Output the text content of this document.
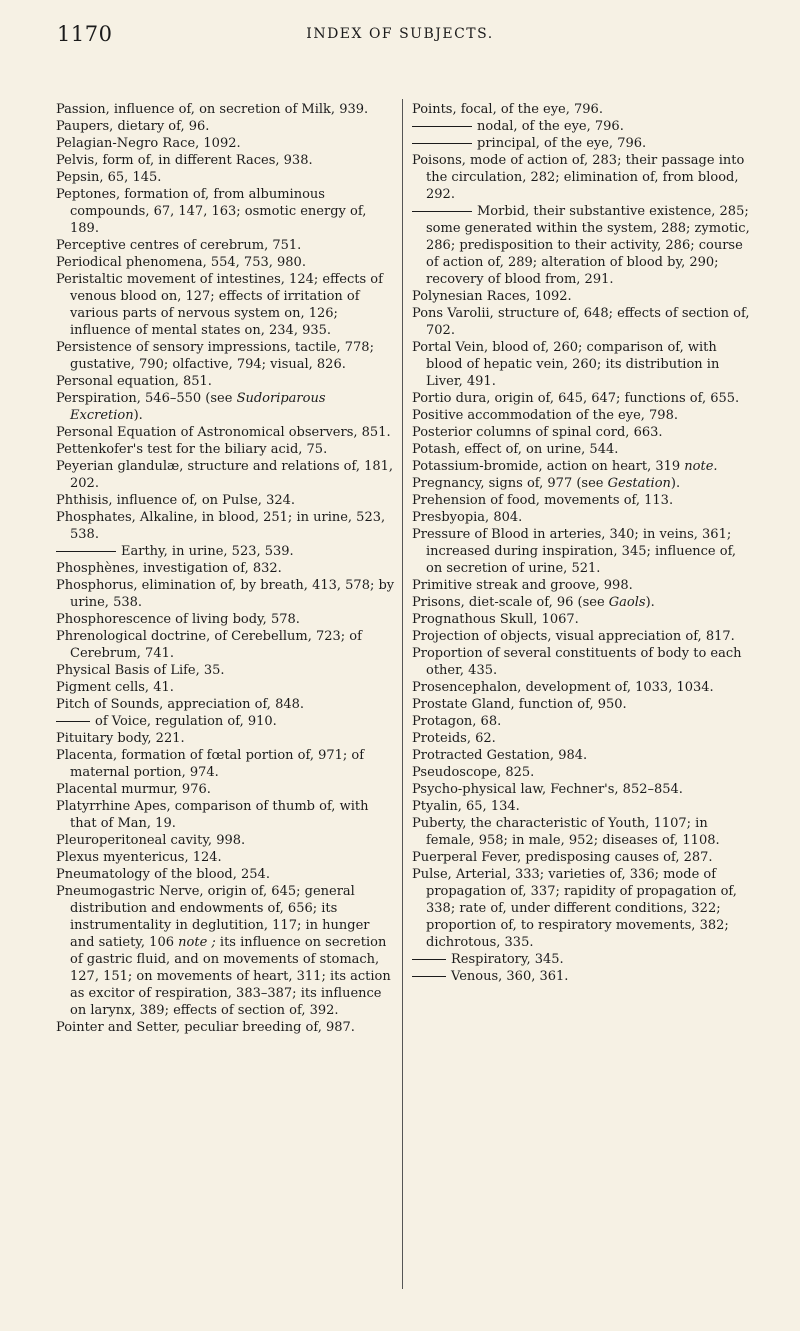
1170	INDEX OF SUBJECTS.

Passion, influence of, on secretion of Milk, 939.

Paupers, dietary of, 96.

Pelagian-Negro Race, 1092.

Pelvis, form of, in different Races, 938.

Pepsin, 65, 145.

Peptones, formation of, from albuminous compounds, 67, 147, 163; osmotic energy of, 189.

Perceptive centres of cerebrum, 751.

Periodical phenomena, 554, 753, 980.

Peristaltic movement of intestines, 124; effects of venous blood on, 127; effects of irritation of various parts of nervous system on, 126; influence of mental states on, 234, 935.

Persistence of sensory impressions, tactile, 778; gustative, 790; olfactive, 794; visual, 826.

Personal equation, 851.

Perspiration, 546–550 (see Sudoriparous Excretion).

Personal Equation of Astronomical observers, 851.

Pettenkofer's test for the biliary acid, 75.

Peyerian glandulæ, structure and relations of, 181, 202.

Phthisis, influence of, on Pulse, 324.

Phosphates, Alkaline, in blood, 251; in urine, 523, 538.

Earthy, in urine, 523, 539.

Phosphènes, investigation of, 832.

Phosphorus, elimination of, by breath, 413, 578; by urine, 538.

Phosphorescence of living body, 578.

Phrenological doctrine, of Cerebellum, 723; of Cerebrum, 741.

Physical Basis of Life, 35.

Pigment cells, 41.

Pitch of Sounds, appreciation of, 848.

of Voice, regulation of, 910.

Pituitary body, 221.

Placenta, formation of fœtal portion of, 971; of maternal portion, 974.

Placental murmur, 976.

Platyrrhine Apes, comparison of thumb of, with that of Man, 19.

Pleuroperitoneal cavity, 998.

Plexus myentericus, 124.

Pneumatology of the blood, 254.

Pneumogastric Nerve, origin of, 645; general distribution and endowments of, 656; its instrumentality in deglutition, 117; in hunger and satiety, 106 note ; its influence on secretion of gastric fluid, and on movements of stomach, 127, 151; on movements of heart, 311; its action as excitor of respiration, 383–387; its influence on larynx, 389; effects of section of, 392.

Pointer and Setter, peculiar breeding of, 987.

Points, focal, of the eye, 796.

nodal, of the eye, 796.

principal, of the eye, 796.

Poisons, mode of action of, 283; their passage into the circulation, 282; elimination of, from blood, 292.

Morbid, their substantive existence, 285; some generated within the system, 288; zymotic, 286; predisposition to their activity, 286; course of action of, 289; alteration of blood by, 290; recovery of blood from, 291.

Polynesian Races, 1092.

Pons Varolii, structure of, 648; effects of section of, 702.

Portal Vein, blood of, 260; comparison of, with blood of hepatic vein, 260; its distribution in Liver, 491.

Portio dura, origin of, 645, 647; functions of, 655.

Positive accommodation of the eye, 798.

Posterior columns of spinal cord, 663.

Potash, effect of, on urine, 544.

Potassium-bromide, action on heart, 319 note.

Pregnancy, signs of, 977 (see Gestation).

Prehension of food, movements of, 113.

Presbyopia, 804.

Pressure of Blood in arteries, 340; in veins, 361; increased during inspiration, 345; influence of, on secretion of urine, 521.

Primitive streak and groove, 998.

Prisons, diet-scale of, 96 (see Gaols).

Prognathous Skull, 1067.

Projection of objects, visual appreciation of, 817.

Proportion of several constituents of body to each other, 435.

Prosencephalon, development of, 1033, 1034.

Prostate Gland, function of, 950.

Protagon, 68.

Proteids, 62.

Protracted Gestation, 984.

Pseudoscope, 825.

Psycho-physical law, Fechner's, 852–854.

Ptyalin, 65, 134.

Puberty, the characteristic of Youth, 1107; in female, 958; in male, 952; diseases of, 1108.

Puerperal Fever, predisposing causes of, 287.

Pulse, Arterial, 333; varieties of, 336; mode of propagation of, 337; rapidity of propagation of, 338; rate of, under different conditions, 322; proportion of, to respiratory movements, 382; dichrotous, 335.

Respiratory, 345.

Venous, 360, 361.
